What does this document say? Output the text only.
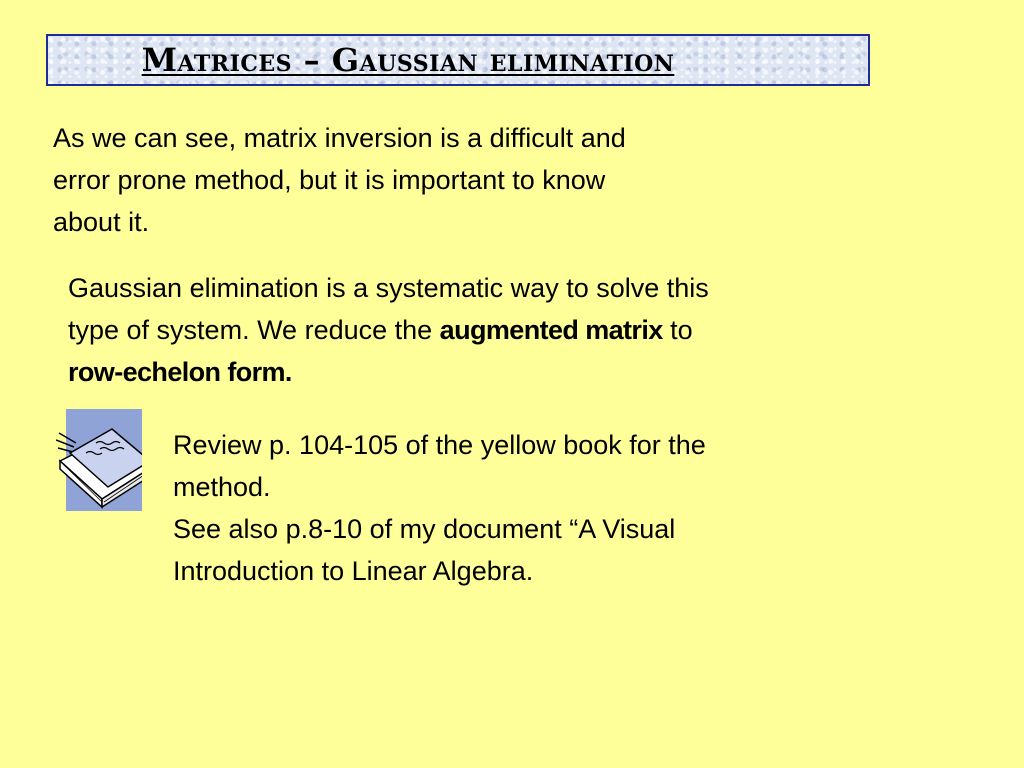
Matrices – Gaussian elimination

As we can see, matrix inversion is a difficult and
error prone method, but it is important to know
about it.

Gaussian elimination is a systematic way to solve this
type of system. We reduce the augmented matrix to
row-echelon form.

Review p. 104-105 of the yellow book for the
method.
See also p.8-10 of my document “A Visual
Introduction to Linear Algebra.
